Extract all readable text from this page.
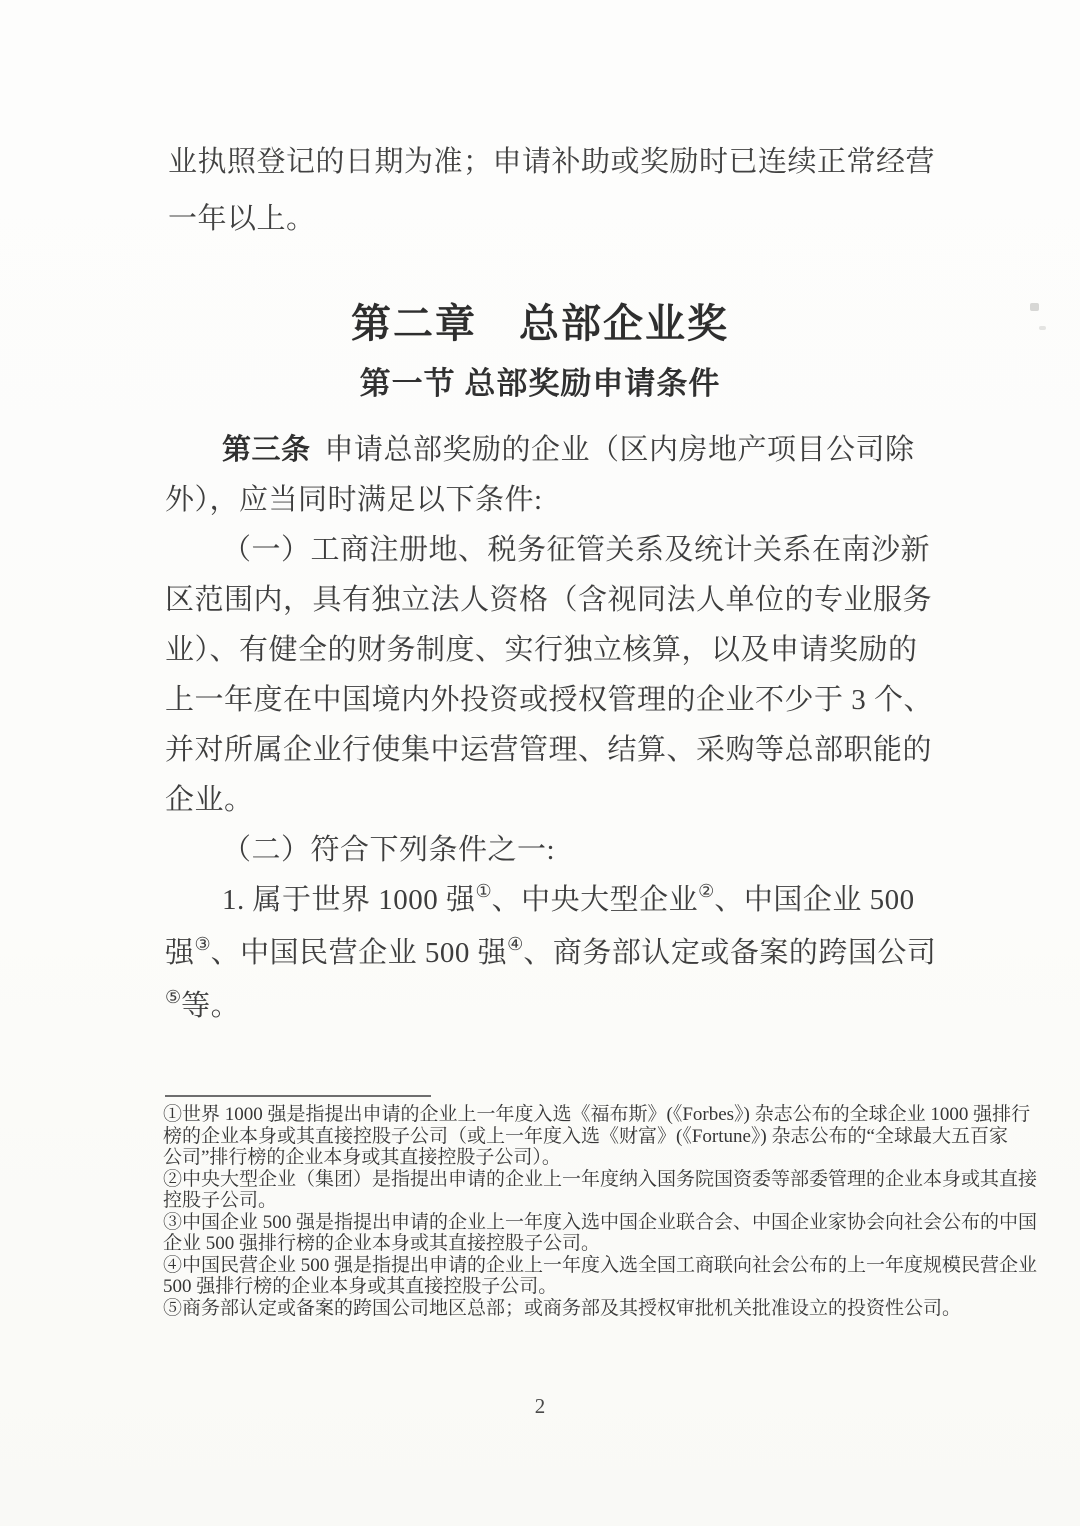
业执照登记的日期为准；申请补助或奖励时已连续正常经营
一年以上。
第二章　总部企业奖
第一节 总部奖励申请条件
第三条 申请总部奖励的企业（区内房地产项目公司除
外），应当同时满足以下条件:
（一）工商注册地、税务征管关系及统计关系在南沙新
区范围内，具有独立法人资格（含视同法人单位的专业服务
业）、有健全的财务制度、实行独立核算，以及申请奖励的
上一年度在中国境内外投资或授权管理的企业不少于 3 个、
并对所属企业行使集中运营管理、结算、采购等总部职能的
企业。
（二）符合下列条件之一:
1. 属于世界 1000 强①、中央大型企业②、中国企业 500
强③、中国民营企业 500 强④、商务部认定或备案的跨国公司
⑤等。
①世界 1000 强是指提出申请的企业上一年度入选《福布斯》(《Forbes》) 杂志公布的全球企业 1000 强排行
榜的企业本身或其直接控股子公司（或上一年度入选《财富》(《Fortune》) 杂志公布的“全球最大五百家
公司”排行榜的企业本身或其直接控股子公司）。
②中央大型企业（集团）是指提出申请的企业上一年度纳入国务院国资委等部委管理的企业本身或其直接
控股子公司。
③中国企业 500 强是指提出申请的企业上一年度入选中国企业联合会、中国企业家协会向社会公布的中国
企业 500 强排行榜的企业本身或其直接控股子公司。
④中国民营企业 500 强是指提出申请的企业上一年度入选全国工商联向社会公布的上一年度规模民营企业
500 强排行榜的企业本身或其直接控股子公司。
⑤商务部认定或备案的跨国公司地区总部；或商务部及其授权审批机关批准设立的投资性公司。
2
